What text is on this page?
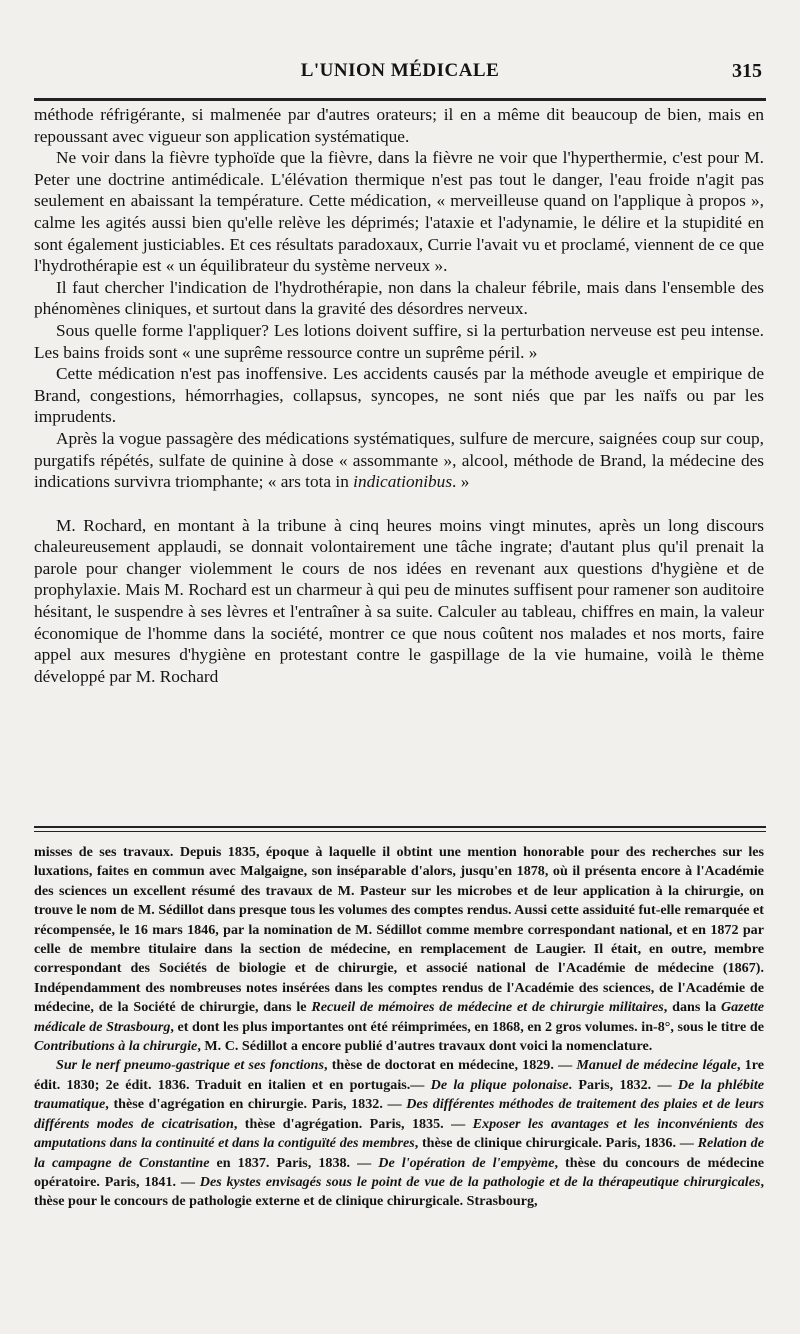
L'UNION MÉDICALE	315

méthode réfrigérante, si malmenée par d'autres orateurs; il en a même dit beaucoup de bien, mais en repoussant avec vigueur son application systématique.

Ne voir dans la fièvre typhoïde que la fièvre, dans la fièvre ne voir que l'hyperthermie, c'est pour M. Peter une doctrine antimédicale. L'élévation thermique n'est pas tout le danger, l'eau froide n'agit pas seulement en abaissant la température. Cette médication, « merveilleuse quand on l'applique à propos », calme les agités aussi bien qu'elle relève les déprimés; l'ataxie et l'adynamie, le délire et la stupidité en sont également justiciables. Et ces résultats paradoxaux, Currie l'avait vu et proclamé, viennent de ce que l'hydrothérapie est « un équilibrateur du système nerveux ».

Il faut chercher l'indication de l'hydrothérapie, non dans la chaleur fébrile, mais dans l'ensemble des phénomènes cliniques, et surtout dans la gravité des désordres nerveux.

Sous quelle forme l'appliquer? Les lotions doivent suffire, si la perturbation nerveuse est peu intense. Les bains froids sont « une suprême ressource contre un suprême péril. »

Cette médication n'est pas inoffensive. Les accidents causés par la méthode aveugle et empirique de Brand, congestions, hémorrhagies, collapsus, syncopes, ne sont niés que par les naïfs ou par les imprudents.

Après la vogue passagère des médications systématiques, sulfure de mercure, saignées coup sur coup, purgatifs répétés, sulfate de quinine à dose « assommante », alcool, méthode de Brand, la médecine des indications survivra triomphante; « ars tota in indicationibus. »

M. Rochard, en montant à la tribune à cinq heures moins vingt minutes, après un long discours chaleureusement applaudi, se donnait volontairement une tâche ingrate; d'autant plus qu'il prenait la parole pour changer violemment le cours de nos idées en revenant aux questions d'hygiène et de prophylaxie. Mais M. Rochard est un charmeur à qui peu de minutes suffisent pour ramener son auditoire hésitant, le suspendre à ses lèvres et l'entraîner à sa suite. Calculer au tableau, chiffres en main, la valeur économique de l'homme dans la société, montrer ce que nous coûtent nos malades et nos morts, faire appel aux mesures d'hygiène en protestant contre le gaspillage de la vie humaine, voilà le thème développé par M. Rochard

misses de ses travaux. Depuis 1835, époque à laquelle il obtint une mention honorable pour des recherches sur les luxations, faites en commun avec Malgaigne, son inséparable d'alors, jusqu'en 1878, où il présenta encore à l'Académie des sciences un excellent résumé des travaux de M. Pasteur sur les microbes et de leur application à la chirurgie, on trouve le nom de M. Sédillot dans presque tous les volumes des comptes rendus. Aussi cette assiduité fut-elle remarquée et récompensée, le 16 mars 1846, par la nomination de M. Sédillot comme membre correspondant national, et en 1872 par celle de membre titulaire dans la section de médecine, en remplacement de Laugier. Il était, en outre, membre correspondant des Sociétés de biologie et de chirurgie, et associé national de l'Académie de médecine (1867). Indépendamment des nombreuses notes insérées dans les comptes rendus de l'Académie des sciences, de l'Académie de médecine, de la Société de chirurgie, dans le Recueil de mémoires de médecine et de chirurgie militaires, dans la Gazette médicale de Strasbourg, et dont les plus importantes ont été réimprimées, en 1868, en 2 gros volumes. in-8°, sous le titre de Contributions à la chirurgie, M. C. Sédillot a encore publié d'autres travaux dont voici la nomenclature.

Sur le nerf pneumo-gastrique et ses fonctions, thèse de doctorat en médecine, 1829. — Manuel de médecine légale, 1re édit. 1830; 2e édit. 1836. Traduit en italien et en portugais.— De la plique polonaise. Paris, 1832. — De la phlébite traumatique, thèse d'agrégation en chirurgie. Paris, 1832. — Des différentes méthodes de traitement des plaies et de leurs différents modes de cicatrisation, thèse d'agrégation. Paris, 1835. — Exposer les avantages et les inconvénients des amputations dans la continuité et dans la contiguïté des membres, thèse de clinique chirurgicale. Paris, 1836. — Relation de la campagne de Constantine en 1837. Paris, 1838. — De l'opération de l'empyème, thèse du concours de médecine opératoire. Paris, 1841. — Des kystes envisagés sous le point de vue de la pathologie et de la thérapeutique chirurgicales, thèse pour le concours de pathologie externe et de clinique chirurgicale. Strasbourg,
